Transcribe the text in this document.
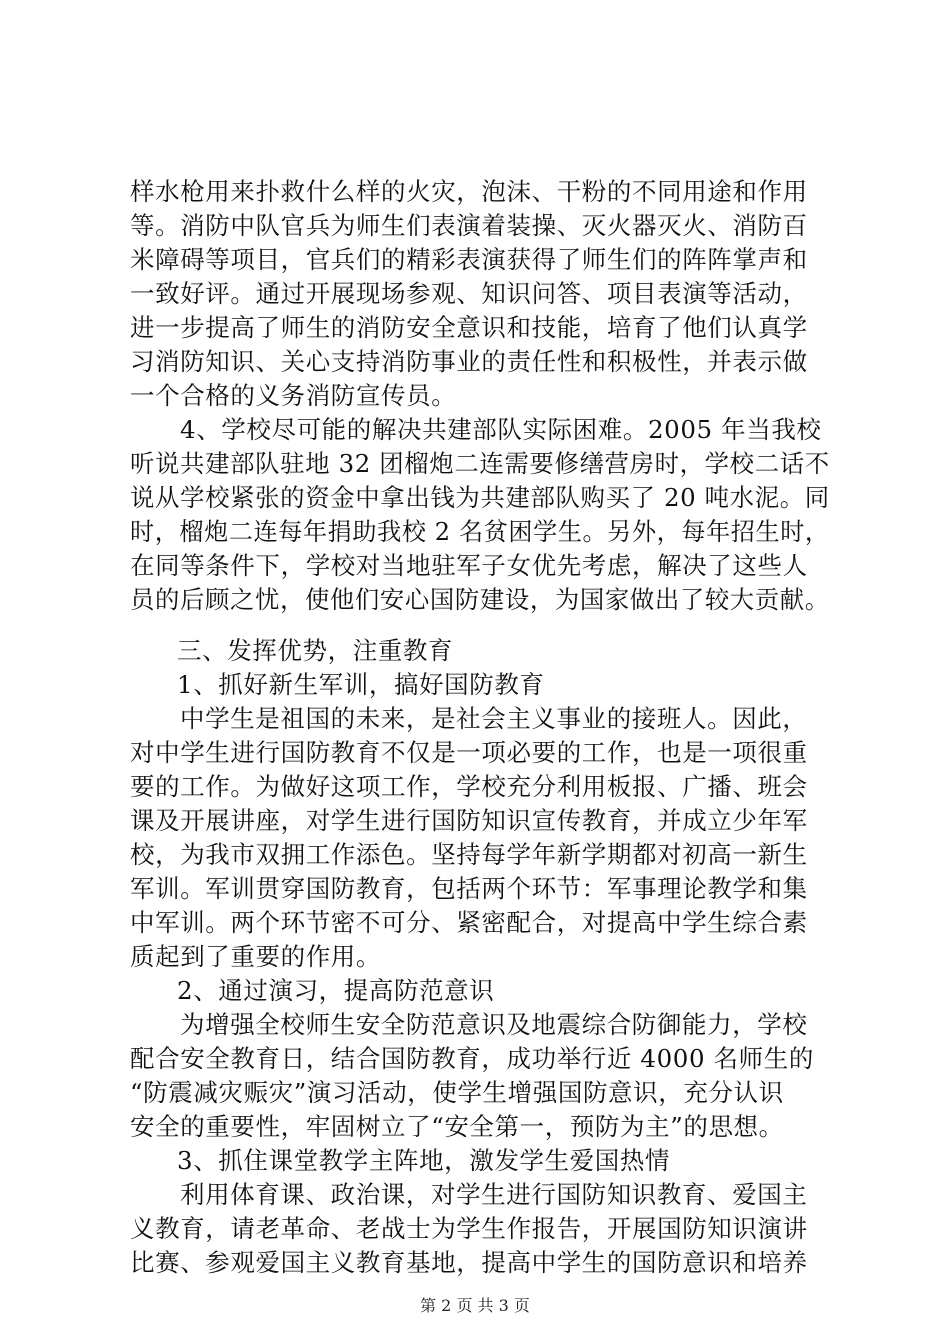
样水枪用来扑救什么样的火灾，泡沫、干粉的不同用途和作用
等。消防中队官兵为师生们表演着装操、灭火器灭火、消防百
米障碍等项目，官兵们的精彩表演获得了师生们的阵阵掌声和
一致好评。通过开展现场参观、知识问答、项目表演等活动，
进一步提高了师生的消防安全意识和技能，培育了他们认真学
习消防知识、关心支持消防事业的责任性和积极性，并表示做
一个合格的义务消防宣传员。
4、学校尽可能的解决共建部队实际困难。2005 年当我校
听说共建部队驻地 32 团榴炮二连需要修缮营房时，学校二话不
说从学校紧张的资金中拿出钱为共建部队购买了 20 吨水泥。同
时，榴炮二连每年捐助我校 2 名贫困学生。另外，每年招生时，
在同等条件下，学校对当地驻军子女优先考虑，解决了这些人
员的后顾之忧，使他们安心国防建设，为国家做出了较大贡献。
三、发挥优势，注重教育
1、抓好新生军训，搞好国防教育
中学生是祖国的未来，是社会主义事业的接班人。因此，
对中学生进行国防教育不仅是一项必要的工作，也是一项很重
要的工作。为做好这项工作，学校充分利用板报、广播、班会
课及开展讲座，对学生进行国防知识宣传教育，并成立少年军
校，为我市双拥工作添色。坚持每学年新学期都对初高一新生
军训。军训贯穿国防教育，包括两个环节：军事理论教学和集
中军训。两个环节密不可分、紧密配合，对提高中学生综合素
质起到了重要的作用。
2、通过演习，提高防范意识
为增强全校师生安全防范意识及地震综合防御能力，学校
配合安全教育日，结合国防教育，成功举行近 4000 名师生的
“防震减灾赈灾”演习活动，使学生增强国防意识，充分认识
安全的重要性，牢固树立了“安全第一，预防为主”的思想。
3、抓住课堂教学主阵地，激发学生爱国热情
利用体育课、政治课，对学生进行国防知识教育、爱国主
义教育，请老革命、老战士为学生作报告，开展国防知识演讲
比赛、参观爱国主义教育基地，提高中学生的国防意识和培养
第 2 页 共 3 页
